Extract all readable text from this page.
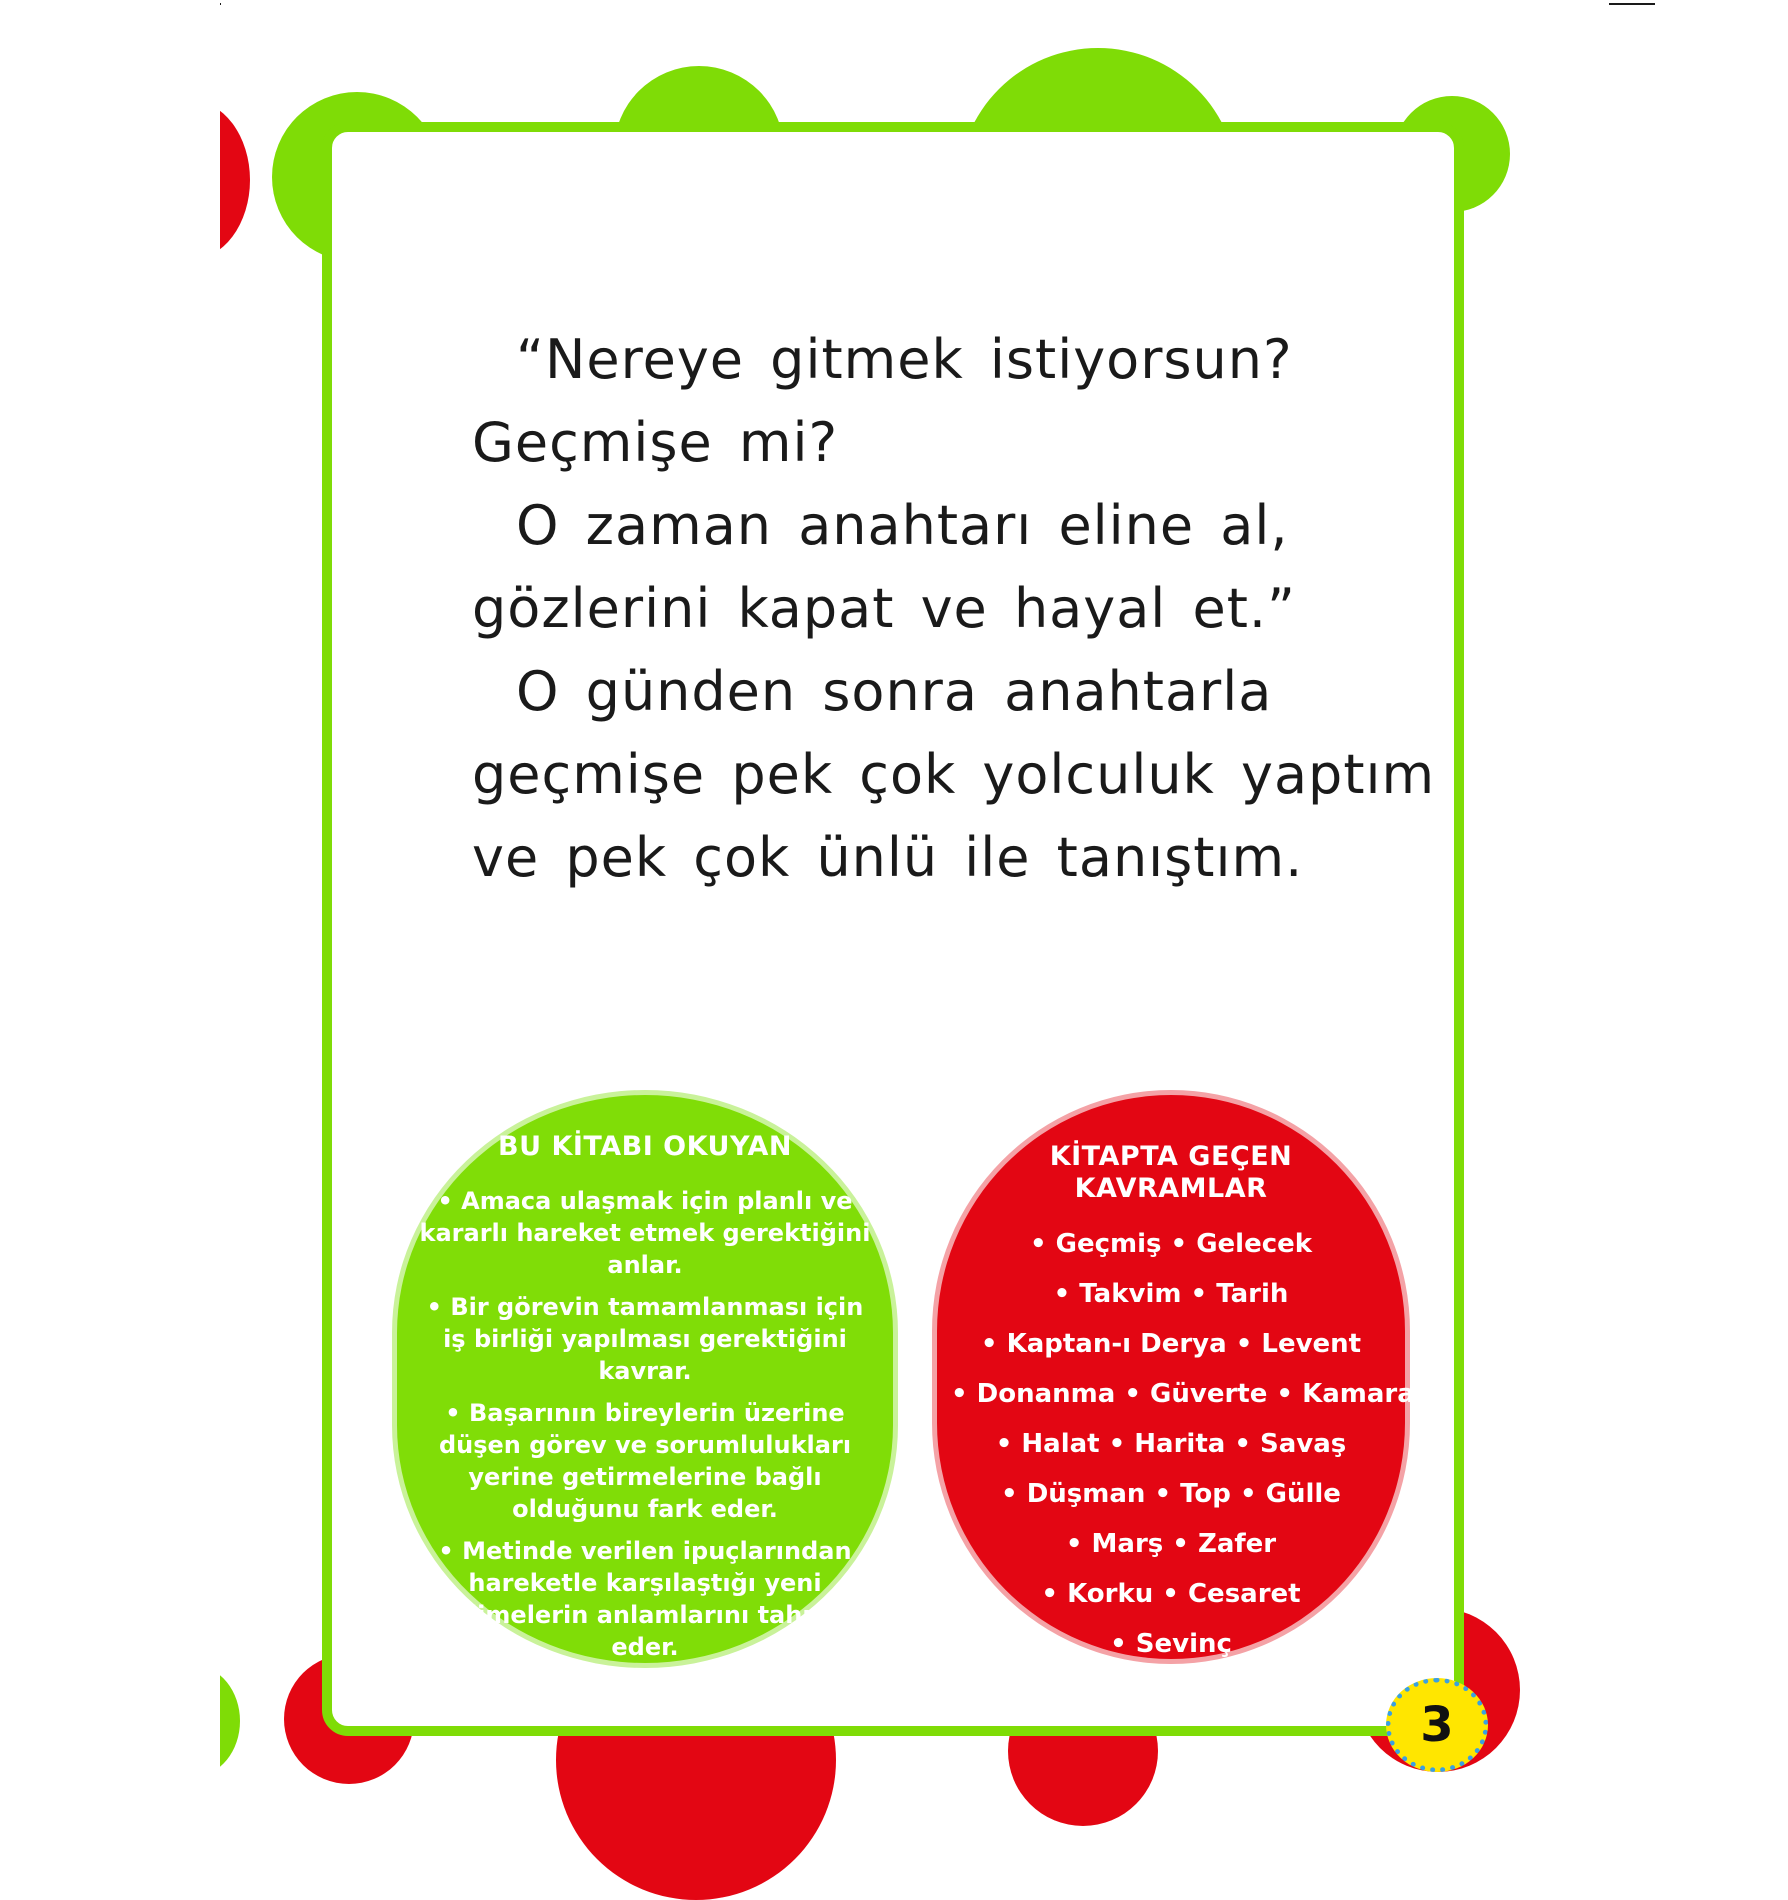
“Nereye gitmek istiyorsun?

Geçmişe mi?

O zaman anahtarı eline al,

gözlerini kapat ve hayal et.”

O günden sonra anahtarla

geçmişe pek çok yolculuk yaptım

ve pek çok ünlü ile tanıştım.

BU KİTABI OKUYAN

• Amaca ulaşmak için planlı ve kararlı hareket etmek gerektiğini anlar.

• Bir görevin tamamlanması için iş birliği yapılması gerektiğini kavrar.

• Başarının bireylerin üzerine düşen görev ve sorumlulukları yerine getirmelerine bağlı olduğunu fark eder.

• Metinde verilen ipuçlarından hareketle karşılaştığı yeni kelimelerin anlamlarını tahmin eder.

KİTAPTA GEÇEN
KAVRAMLAR

• Geçmiş • Gelecek

• Takvim • Tarih

• Kaptan-ı Derya • Levent

• Donanma • Güverte • Kamara

• Halat • Harita • Savaş

• Düşman • Top • Gülle

• Marş • Zafer

• Korku • Cesaret

• Sevinç

3
